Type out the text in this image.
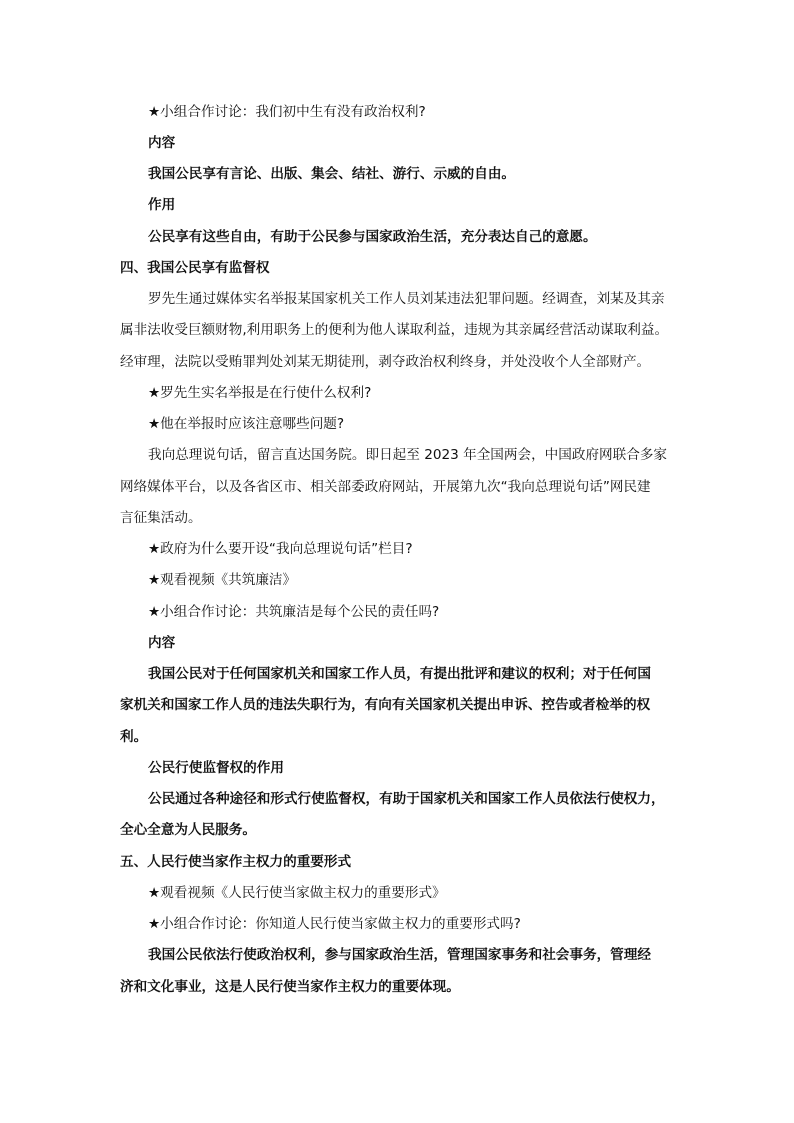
★小组合作讨论：我们初中生有没有政治权利?
内容
我国公民享有言论、出版、集会、结社、游行、示威的自由。
作用
公民享有这些自由，有助于公民参与国家政治生活，充分表达自己的意愿。
四、我国公民享有监督权
罗先生通过媒体实名举报某国家机关工作人员刘某违法犯罪问题。经调查，刘某及其亲
属非法收受巨额财物,利用职务上的便利为他人谋取利益，违规为其亲属经营活动谋取利益。
经审理，法院以受贿罪判处刘某无期徒刑，剥夺政治权利终身，并处没收个人全部财产。
★罗先生实名举报是在行使什么权利?
★他在举报时应该注意哪些问题?
我向总理说句话，留言直达国务院。即日起至 2023 年全国两会，中国政府网联合多家
网络媒体平台，以及各省区市、相关部委政府网站，开展第九次“我向总理说句话”网民建
言征集活动。
★政府为什么要开设“我向总理说句话”栏目?
★观看视频《共筑廉洁》
★小组合作讨论：共筑廉洁是每个公民的责任吗?
内容
我国公民对于任何国家机关和国家工作人员，有提出批评和建议的权利；对于任何国
家机关和国家工作人员的违法失职行为，有向有关国家机关提出申诉、控告或者检举的权
利。
公民行使监督权的作用
公民通过各种途径和形式行使监督权，有助于国家机关和国家工作人员依法行使权力，
全心全意为人民服务。
五、人民行使当家作主权力的重要形式
★观看视频《人民行使当家做主权力的重要形式》
★小组合作讨论：你知道人民行使当家做主权力的重要形式吗?
我国公民依法行使政治权利，参与国家政治生活，管理国家事务和社会事务，管理经
济和文化事业，这是人民行使当家作主权力的重要体现。
